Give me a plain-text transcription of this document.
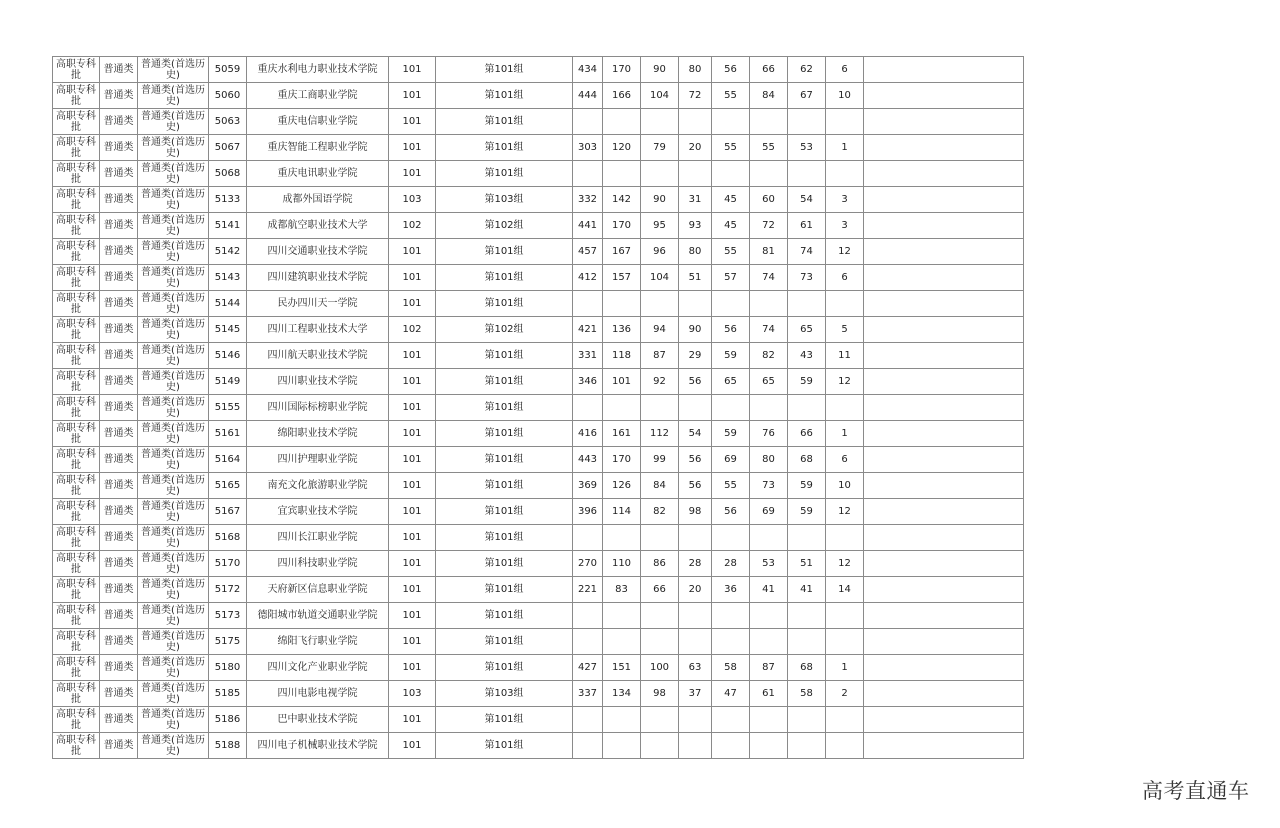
高职专科批	普通类	普通类(首选历史)	5059	重庆水利电力职业技术学院	101	第101组	434	170	90	80	56	66	62	6	
高职专科批	普通类	普通类(首选历史)	5060	重庆工商职业学院	101	第101组	444	166	104	72	55	84	67	10	
高职专科批	普通类	普通类(首选历史)	5063	重庆电信职业学院	101	第101组									
高职专科批	普通类	普通类(首选历史)	5067	重庆智能工程职业学院	101	第101组	303	120	79	20	55	55	53	1	
高职专科批	普通类	普通类(首选历史)	5068	重庆电讯职业学院	101	第101组									
高职专科批	普通类	普通类(首选历史)	5133	成都外国语学院	103	第103组	332	142	90	31	45	60	54	3	
高职专科批	普通类	普通类(首选历史)	5141	成都航空职业技术大学	102	第102组	441	170	95	93	45	72	61	3	
高职专科批	普通类	普通类(首选历史)	5142	四川交通职业技术学院	101	第101组	457	167	96	80	55	81	74	12	
高职专科批	普通类	普通类(首选历史)	5143	四川建筑职业技术学院	101	第101组	412	157	104	51	57	74	73	6	
高职专科批	普通类	普通类(首选历史)	5144	民办四川天一学院	101	第101组									
高职专科批	普通类	普通类(首选历史)	5145	四川工程职业技术大学	102	第102组	421	136	94	90	56	74	65	5	
高职专科批	普通类	普通类(首选历史)	5146	四川航天职业技术学院	101	第101组	331	118	87	29	59	82	43	11	
高职专科批	普通类	普通类(首选历史)	5149	四川职业技术学院	101	第101组	346	101	92	56	65	65	59	12	
高职专科批	普通类	普通类(首选历史)	5155	四川国际标榜职业学院	101	第101组									
高职专科批	普通类	普通类(首选历史)	5161	绵阳职业技术学院	101	第101组	416	161	112	54	59	76	66	1	
高职专科批	普通类	普通类(首选历史)	5164	四川护理职业学院	101	第101组	443	170	99	56	69	80	68	6	
高职专科批	普通类	普通类(首选历史)	5165	南充文化旅游职业学院	101	第101组	369	126	84	56	55	73	59	10	
高职专科批	普通类	普通类(首选历史)	5167	宜宾职业技术学院	101	第101组	396	114	82	98	56	69	59	12	
高职专科批	普通类	普通类(首选历史)	5168	四川长江职业学院	101	第101组									
高职专科批	普通类	普通类(首选历史)	5170	四川科技职业学院	101	第101组	270	110	86	28	28	53	51	12	
高职专科批	普通类	普通类(首选历史)	5172	天府新区信息职业学院	101	第101组	221	83	66	20	36	41	41	14	
高职专科批	普通类	普通类(首选历史)	5173	德阳城市轨道交通职业学院	101	第101组									
高职专科批	普通类	普通类(首选历史)	5175	绵阳飞行职业学院	101	第101组									
高职专科批	普通类	普通类(首选历史)	5180	四川文化产业职业学院	101	第101组	427	151	100	63	58	87	68	1	
高职专科批	普通类	普通类(首选历史)	5185	四川电影电视学院	103	第103组	337	134	98	37	47	61	58	2	
高职专科批	普通类	普通类(首选历史)	5186	巴中职业技术学院	101	第101组									
高职专科批	普通类	普通类(首选历史)	5188	四川电子机械职业技术学院	101	第101组									
高考直通车
